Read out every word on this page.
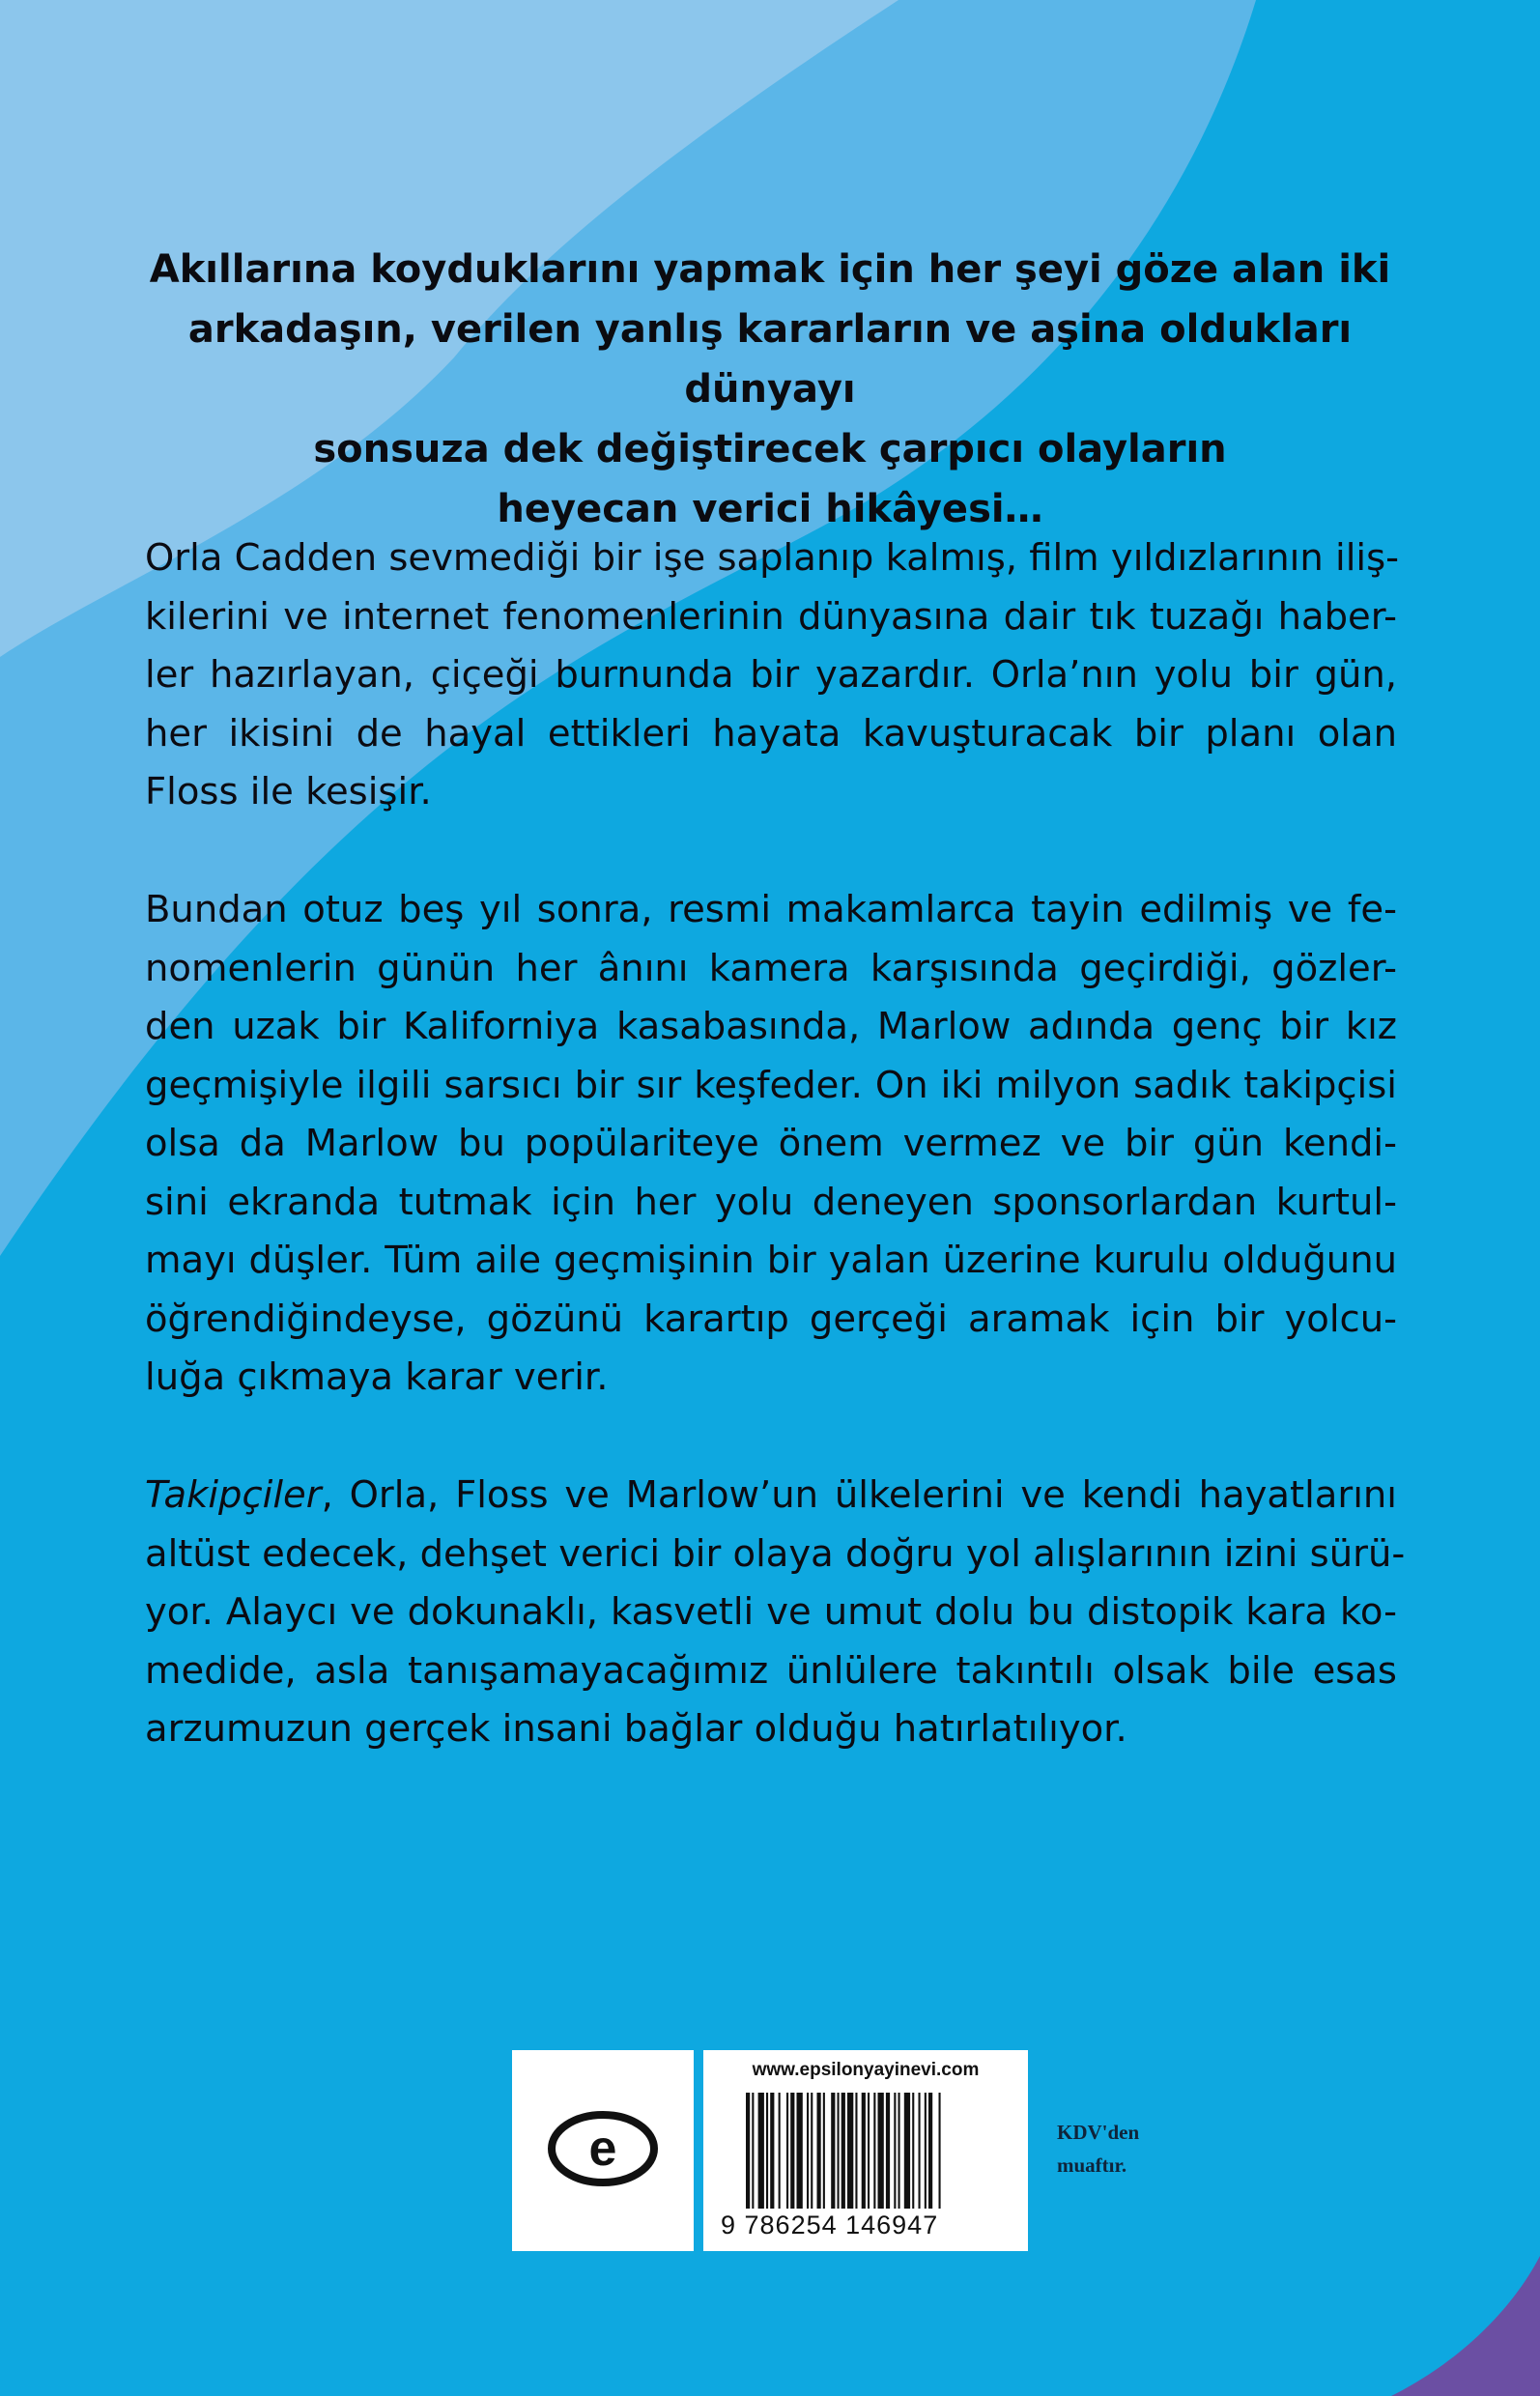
Akıllarına koyduklarını yapmak için her şeyi göze alan iki
arkadaşın, verilen yanlış kararların ve aşina oldukları dünyayı
sonsuza dek değiştirecek çarpıcı olayların
heyecan verici hikâyesi…
Orla Cadden sevmediği bir işe saplanıp kalmış, film yıldızlarının iliş-
kilerini ve internet fenomenlerinin dünyasına dair tık tuzağı haber-
ler hazırlayan, çiçeği burnunda bir yazardır. Orla’nın yolu bir gün,
her ikisini de hayal ettikleri hayata kavuşturacak bir planı olan
Floss ile kesişir.
Bundan otuz beş yıl sonra, resmi makamlarca tayin edilmiş ve fe-
nomenlerin günün her ânını kamera karşısında geçirdiği, gözler-
den uzak bir Kaliforniya kasabasında, Marlow adında genç bir kız
geçmişiyle ilgili sarsıcı bir sır keşfeder. On iki milyon sadık takipçisi
olsa da Marlow bu popülariteye önem vermez ve bir gün kendi-
sini ekranda tutmak için her yolu deneyen sponsorlardan kurtul-
mayı düşler. Tüm aile geçmişinin bir yalan üzerine kurulu olduğunu
öğrendiğindeyse, gözünü karartıp gerçeği aramak için bir yolcu-
luğa çıkmaya karar verir.
Takipçiler, Orla, Floss ve Marlow’un ülkelerini ve kendi hayatlarını
altüst edecek, dehşet verici bir olaya doğru yol alışlarının izini sürü-
yor. Alaycı ve dokunaklı, kasvetli ve umut dolu bu distopik kara ko-
medide, asla tanışamayacağımız ünlülere takıntılı olsak bile esas
arzumuzun gerçek insani bağlar olduğu hatırlatılıyor.
e
www.epsilonyayinevi.com
9 786254 146947
KDV'den
muaftır.
